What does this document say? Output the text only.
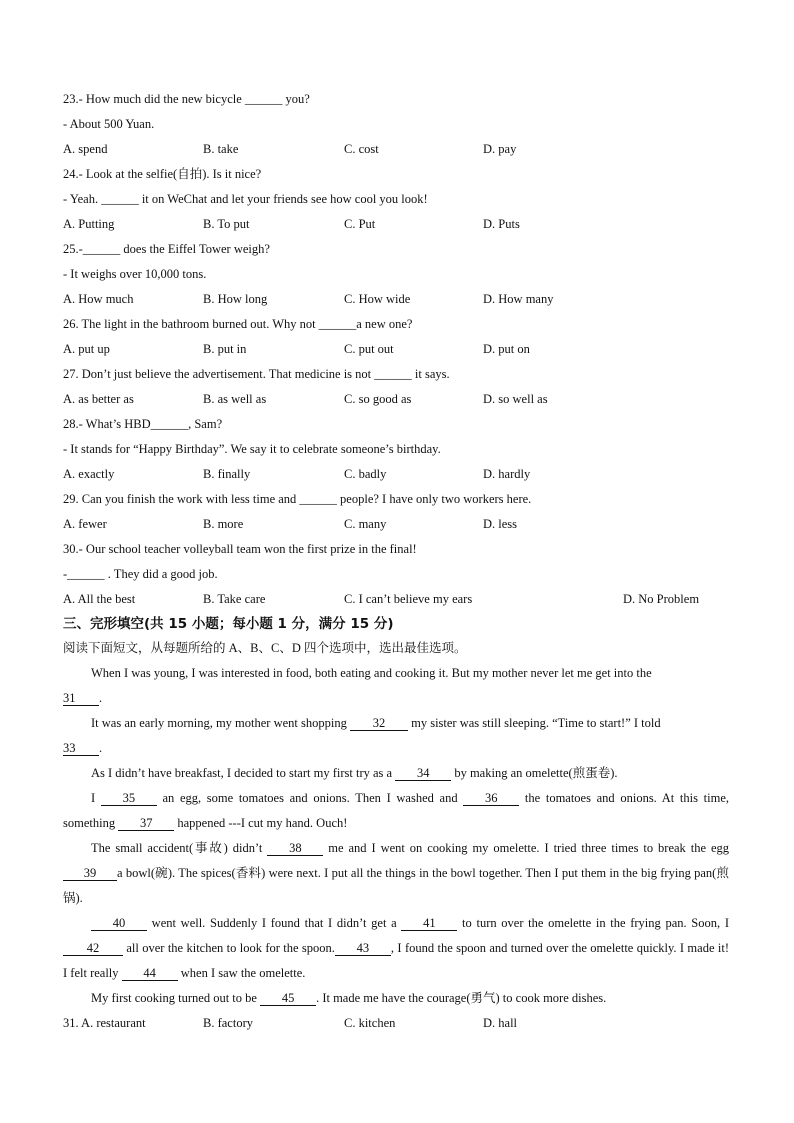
23.- How much did the new bicycle ______ you?
- About 500 Yuan.
A. spend	B. take	C. cost	D. pay
24.- Look at the selfie(自拍). Is it nice?
- Yeah. ______ it on WeChat and let your friends see how cool you look!
A. Putting	B. To put	C. Put	D. Puts
25.-______ does the Eiffel Tower weigh?
- It weighs over 10,000 tons.
A. How much	B. How long	C. How wide	D. How many
26. The light in the bathroom burned out. Why not ______a new one?
A. put up	B. put in	C. put out	D. put on
27. Don’t just believe the advertisement. That medicine is not ______ it says.
A. as better as	B. as well as	C. so good as	D. so well as
28.- What’s HBD______, Sam?
- It stands for “Happy Birthday”. We say it to celebrate someone’s birthday.
A. exactly	B. finally	C. badly	D. hardly
29. Can you finish the work with less time and ______ people? I have only two workers here.
A. fewer	B. more	C. many	D. less
30.- Our school teacher volleyball team won the first prize in the final!
-______ . They did a good job.
A. All the best	B. Take care	C. I can’t believe my ears	D. No Problem
三、完形填空(共 15 小题；每小题 1 分，满分 15 分)
阅读下面短文，从每题所给的 A、B、C、D 四个选项中，选出最佳选项。
When I was young, I was interested in food, both eating and cooking it. But my mother never let me get into the
31 .
It was an early morning, my mother went shopping 32 my sister was still sleeping. “Time to start!” I told
33 .
As I didn’t have breakfast, I decided to start my first try as a 34 by making an omelette(煎蛋卷).
I 35 an egg, some tomatoes and onions. Then I washed and 36 the tomatoes and onions. At this time, something 37 happened ---I cut my hand. Ouch!
The small accident(事故) didn’t 38 me and I went on cooking my omelette. I tried three times to break the egg 39 a bowl(碗). The spices(香料) were next. I put all the things in the bowl together. Then I put them in the big frying pan(煎锅).
40 went well. Suddenly I found that I didn’t get a 41 to turn over the omelette in the frying pan. Soon, I42 all over the kitchen to look for the spoon. 43 , I found the spoon and turned over the omelette quickly. I made it! I felt really 44 when I saw the omelette.
My first cooking turned out to be 45 . It made me have the courage(勇气) to cook more dishes.
31. A. restaurant	B. factory	C. kitchen	D. hall
